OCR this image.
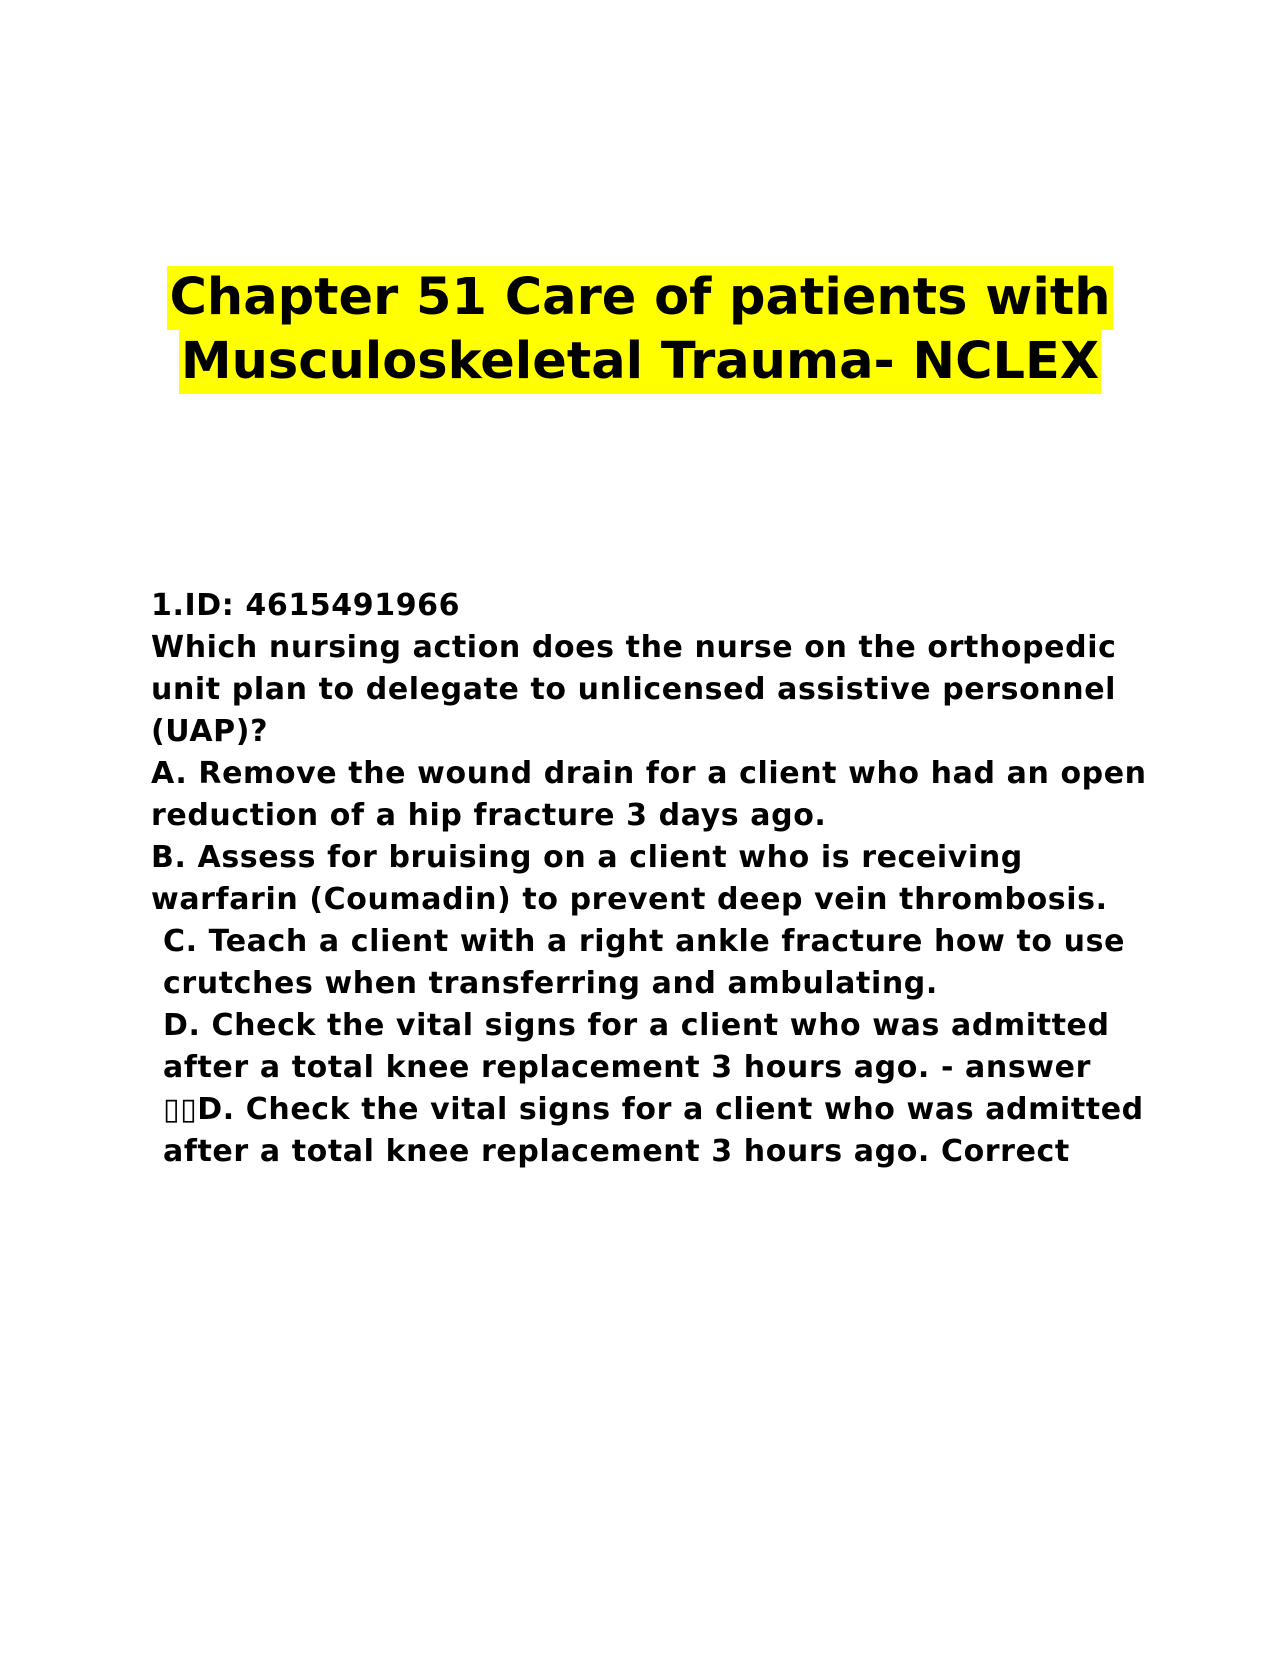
Chapter 51 Care of patients with
Musculoskeletal Trauma- NCLEX

1.ID: 4615491966

Which nursing action does the nurse on the orthopedic unit plan to delegate to unlicensed assistive personnel (UAP)?

A. Remove the wound drain for a client who had an open reduction of a hip fracture 3 days ago.

B. Assess for bruising on a client who is receiving warfarin (Coumadin) to prevent deep vein thrombosis.

C. Teach a client with a right ankle fracture how to use crutches when transferring and ambulating.

D. Check the vital signs for a client who was admitted after a total knee replacement 3 hours ago. - answer ▯▯D. Check the vital signs for a client who was admitted after a total knee replacement 3 hours ago. Correct
